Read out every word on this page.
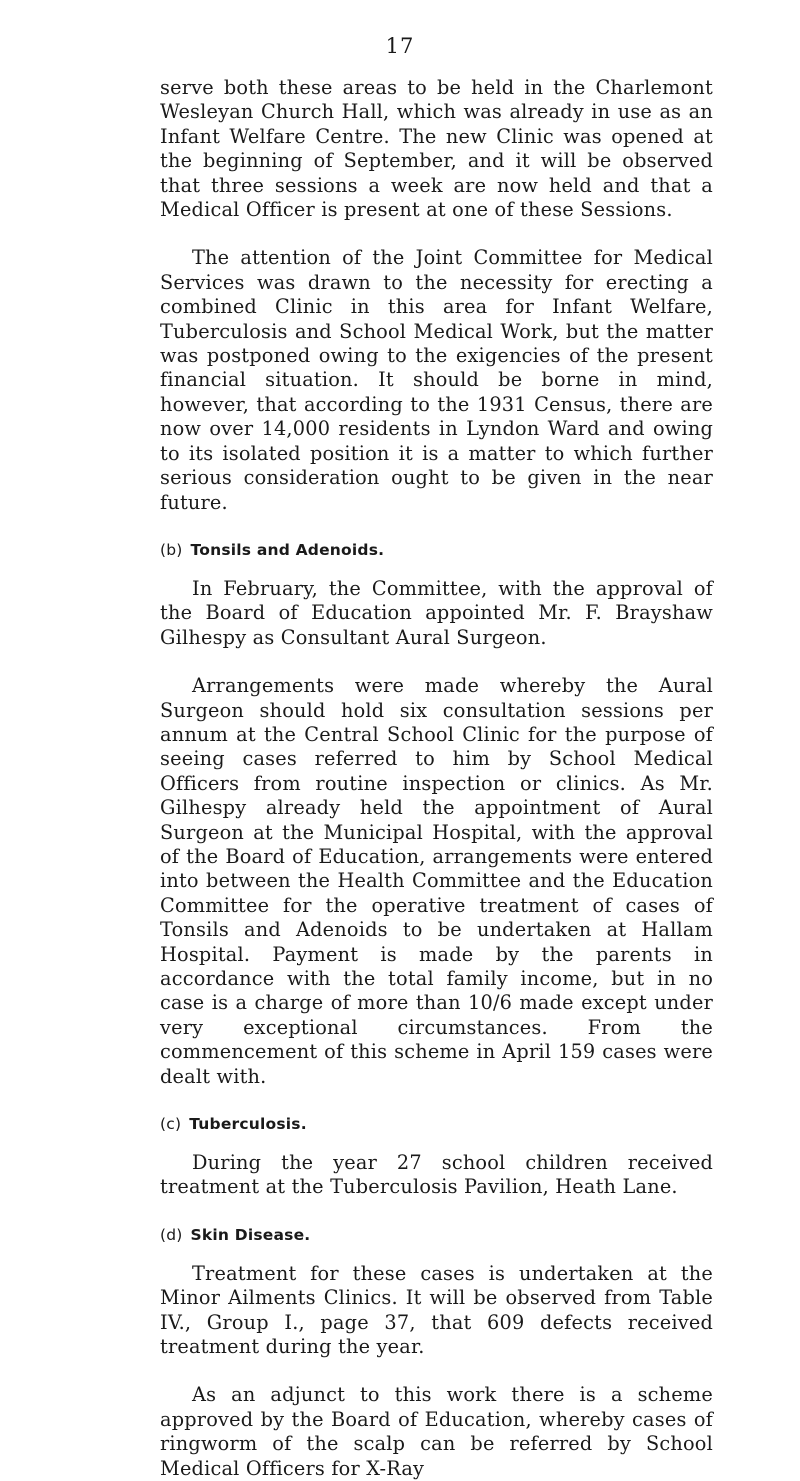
17

serve both these areas to be held in the Charlemont Wesleyan Church Hall, which was already in use as an Infant Welfare Centre. The new Clinic was opened at the beginning of September, and it will be observed that three sessions a week are now held and that a Medical Officer is present at one of these Sessions.

The attention of the Joint Committee for Medical Services was drawn to the necessity for erecting a combined Clinic in this area for Infant Welfare, Tuberculosis and School Medical Work, but the matter was postponed owing to the exigencies of the present financial situation. It should be borne in mind, however, that according to the 1931 Census, there are now over 14,000 residents in Lyndon Ward and owing to its isolated position it is a matter to which further serious consideration ought to be given in the near future.

(b) Tonsils and Adenoids.

In February, the Committee, with the approval of the Board of Education appointed Mr. F. Brayshaw Gilhespy as Consultant Aural Surgeon.

Arrangements were made whereby the Aural Surgeon should hold six consultation sessions per annum at the Central School Clinic for the purpose of seeing cases referred to him by School Medical Officers from routine inspection or clinics. As Mr. Gilhespy already held the appointment of Aural Surgeon at the Municipal Hospital, with the approval of the Board of Education, arrangements were entered into between the Health Committee and the Education Committee for the operative treatment of cases of Tonsils and Adenoids to be undertaken at Hallam Hospital. Payment is made by the parents in accordance with the total family income, but in no case is a charge of more than 10/6 made except under very exceptional circumstances. From the commencement of this scheme in April 159 cases were dealt with.

(c) Tuberculosis.

During the year 27 school children received treatment at the Tuberculosis Pavilion, Heath Lane.

(d) Skin Disease.

Treatment for these cases is undertaken at the Minor Ailments Clinics. It will be observed from Table IV., Group I., page 37, that 609 defects received treatment during the year.

As an adjunct to this work there is a scheme approved by the Board of Education, whereby cases of ringworm of the scalp can be referred by School Medical Officers for X-Ray
